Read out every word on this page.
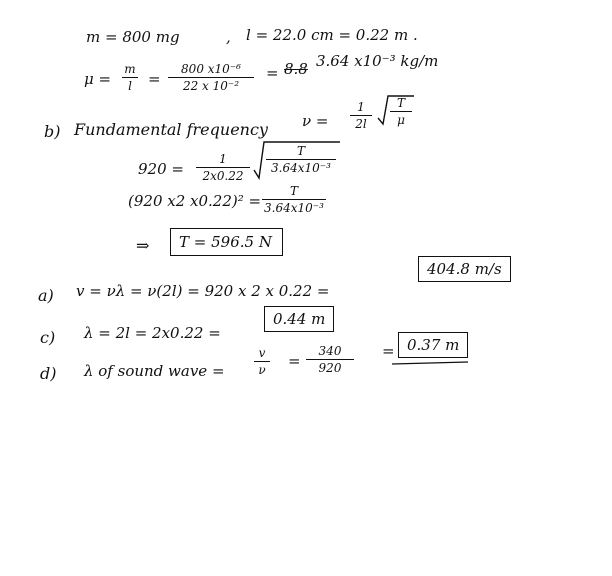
m = 800 mg	, l = 22.0 cm = 0.22 m .
μ =
m
l	=
800 x10⁻⁶
22 x 10⁻²
= 8.8 3.64 x10⁻³ kg/m
b) Fundamental frequency ν =
1
2l
T
μ
920 =
1
2x0.22
T
3.64x10⁻³
(920 x2 x0.22)² =
T
3.64x10⁻³
⇒	T = 596.5 N
a) v = νλ = ν(2l) = 920 x 2 x 0.22 =
404.8 m/s
c) λ = 2l = 2x0.22 =
0.44 m
d) λ of sound wave =
v
ν =
340
920
= 0.37 m
